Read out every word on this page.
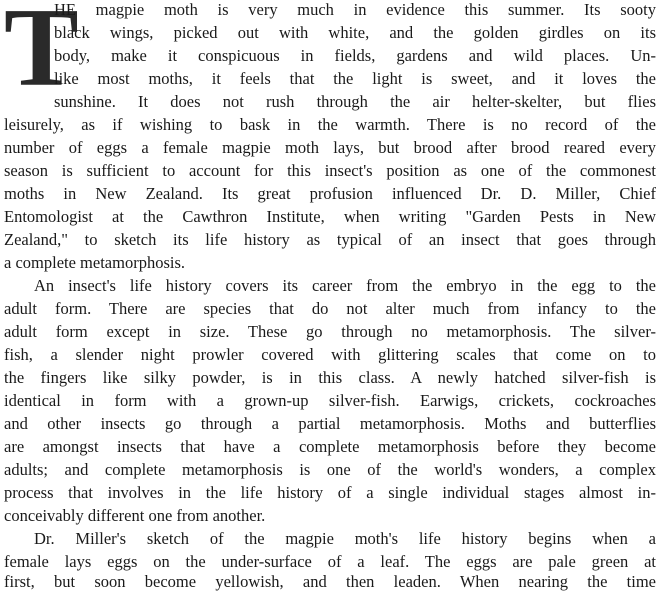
T
HE magpie moth is very much in evidence this summer. Its sooty
black wings, picked out with white, and the golden girdles on its
body, make it conspicuous in fields, gardens and wild places. Un-
like most moths, it feels that the light is sweet, and it loves the
sunshine. It does not rush through the air helter-skelter, but flies
leisurely, as if wishing to bask in the warmth. There is no record of the
number of eggs a female magpie moth lays, but brood after brood reared every
season is sufficient to account for this insect's position as one of the commonest
moths in New Zealand. Its great profusion influenced Dr. D. Miller, Chief
Entomologist at the Cawthron Institute, when writing "Garden Pests in New
Zealand," to sketch its life history as typical of an insect that goes through
a complete metamorphosis.
An insect's life history covers its career from the embryo in the egg to the
adult form. There are species that do not alter much from infancy to the
adult form except in size. These go through no metamorphosis. The silver-
fish, a slender night prowler covered with glittering scales that come on to
the fingers like silky powder, is in this class. A newly hatched silver-fish is
identical in form with a grown-up silver-fish. Earwigs, crickets, cockroaches
and other insects go through a partial metamorphosis. Moths and butterflies
are amongst insects that have a complete metamorphosis before they become
adults; and complete metamorphosis is one of the world's wonders, a complex
process that involves in the life history of a single individual stages almost in-
conceivably different one from another.
Dr. Miller's sketch of the magpie moth's life history begins when a
female lays eggs on the under-surface of a leaf. The eggs are pale green at
first, but soon become yellowish, and then leaden. When nearing the time
